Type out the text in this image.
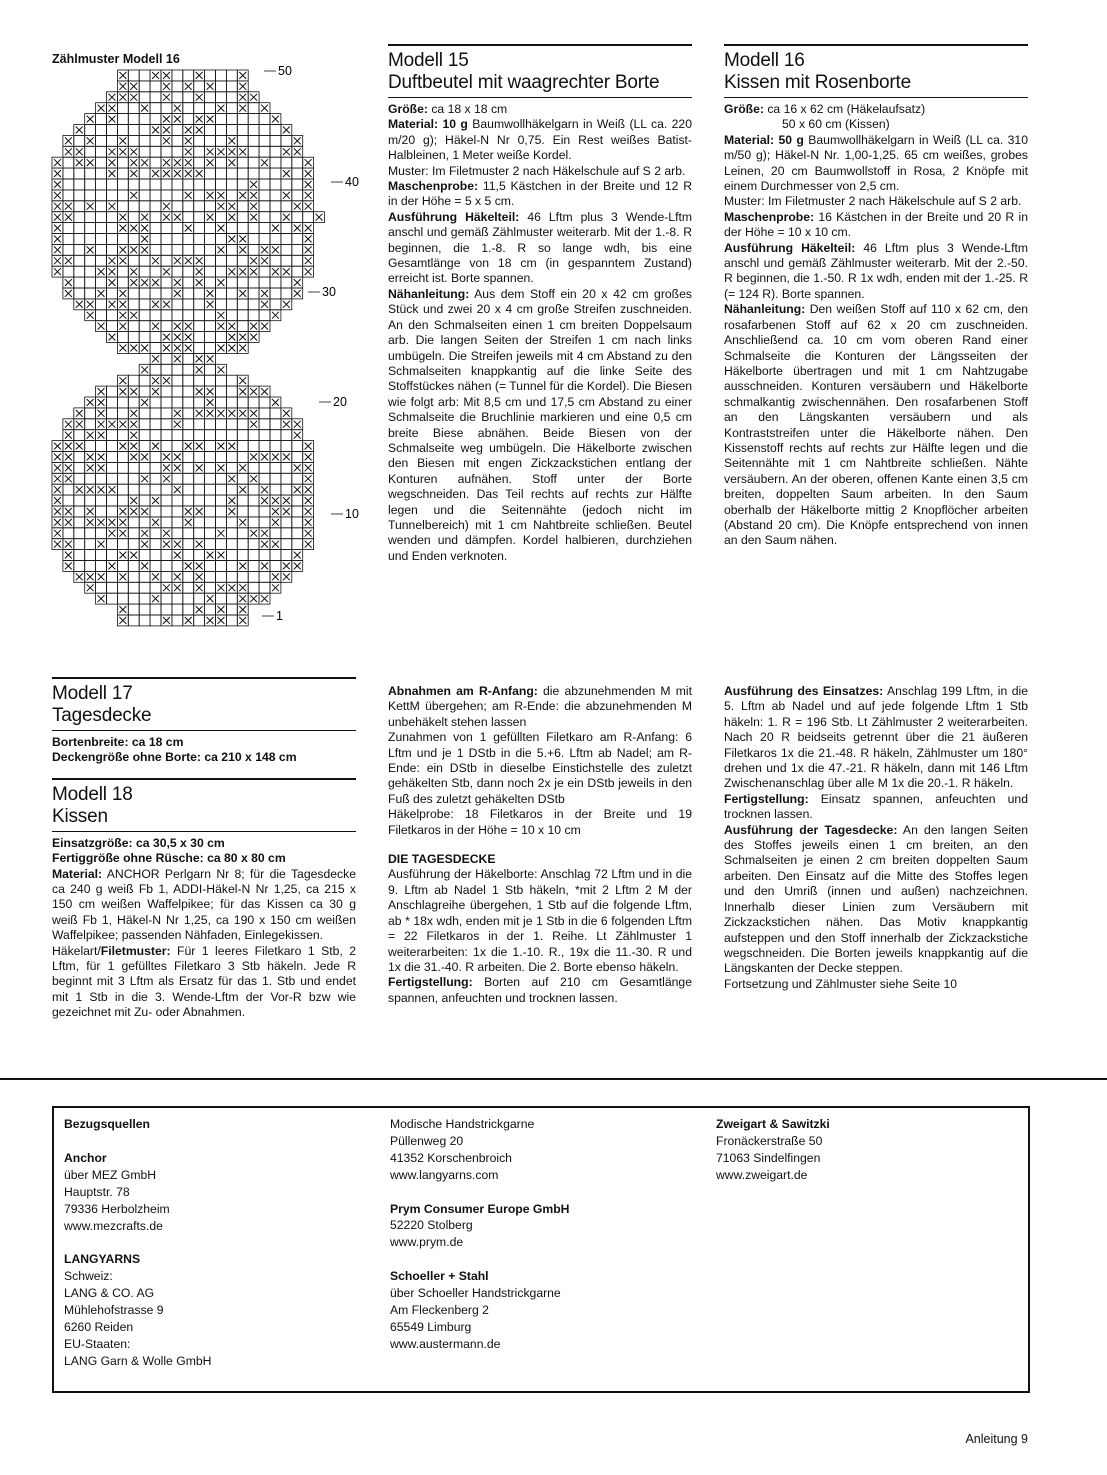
Zählmuster Modell 16
50
40
30
20
10
1
Modell 15
Duftbeutel mit waagrechter Borte

Größe: ca 18 x 18 cm

Material: 10 g Baumwollhäkelgarn in Weiß (LL ca. 220 m/20 g); Häkel-N Nr 0,75. Ein Rest weißes Batist-Halbleinen, 1 Meter weiße Kordel.

Muster: Im Filetmuster 2 nach Häkelschule auf S 2 arb.

Maschenprobe: 11,5 Kästchen in der Breite und 12 R in der Höhe = 5 x 5 cm.

Ausführung Häkelteil: 46 Lftm plus 3 Wende-Lftm anschl und gemäß Zählmuster weiterarb. Mit der 1.-8. R beginnen, die 1.-8. R so lange wdh, bis eine Gesamtlänge von 18 cm (in gespanntem Zustand) erreicht ist. Borte spannen.

Nähanleitung: Aus dem Stoff ein 20 x 42 cm großes Stück und zwei 20 x 4 cm große Streifen zuschneiden. An den Schmalseiten einen 1 cm breiten Doppelsaum arb. Die langen Seiten der Streifen 1 cm nach links umbügeln. Die Streifen jeweils mit 4 cm Abstand zu den Schmalseiten knappkantig auf die linke Seite des Stoffstückes nähen (= Tunnel für die Kordel). Die Biesen wie folgt arb: Mit 8,5 cm und 17,5 cm Abstand zu einer Schmalseite die Bruchlinie markieren und eine 0,5 cm breite Biese abnähen. Beide Biesen von der Schmalseite weg umbügeln. Die Häkelborte zwischen den Biesen mit engen Zickzackstichen entlang der Konturen aufnähen. Stoff unter der Borte wegschneiden. Das Teil rechts auf rechts zur Hälfte legen und die Seitennähte (jedoch nicht im Tunnelbereich) mit 1 cm Nahtbreite schließen. Beutel wenden und dämpfen. Kordel halbieren, durchziehen und Enden verknoten.

Modell 16
Kissen mit Rosenborte

Größe: ca 16 x 62 cm (Häkelaufsatz)

50 x 60 cm (Kissen)

Material: 50 g Baumwollhäkelgarn in Weiß (LL ca. 310 m/50 g); Häkel-N Nr. 1,00-1,25. 65 cm weißes, grobes Leinen, 20 cm Baumwollstoff in Rosa, 2 Knöpfe mit einem Durchmesser von 2,5 cm.

Muster: Im Filetmuster 2 nach Häkelschule auf S 2 arb.

Maschenprobe: 16 Kästchen in der Breite und 20 R in der Höhe = 10 x 10 cm.

Ausführung Häkelteil: 46 Lftm plus 3 Wende-Lftm anschl und gemäß Zählmuster weiterarb. Mit der 2.-50. R beginnen, die 1.-50. R 1x wdh, enden mit der 1.-25. R (= 124 R). Borte spannen.

Nähanleitung: Den weißen Stoff auf 110 x 62 cm, den rosafarbenen Stoff auf 62 x 20 cm zuschneiden. Anschließend ca. 10 cm vom oberen Rand einer Schmalseite die Konturen der Längsseiten der Häkelborte übertragen und mit 1 cm Nahtzugabe ausschneiden. Konturen versäubern und Häkelborte schmalkantig zwischennähen. Den rosafarbenen Stoff an den Längskanten versäubern und als Kontraststreifen unter die Häkelborte nähen. Den Kissenstoff rechts auf rechts zur Hälfte legen und die Seitennähte mit 1 cm Nahtbreite schließen. Nähte versäubern. An der oberen, offenen Kante einen 3,5 cm breiten, doppelten Saum arbeiten. In den Saum oberhalb der Häkelborte mittig 2 Knopflöcher arbeiten (Abstand 20 cm). Die Knöpfe entsprechend von innen an den Saum nähen.

Modell 17
Tagesdecke

Bortenbreite: ca 18 cm

Deckengröße ohne Borte: ca 210 x 148 cm

Modell 18
Kissen

Einsatzgröße: ca 30,5 x 30 cm

Fertiggröße ohne Rüsche: ca 80 x 80 cm

Material: ANCHOR Perlgarn Nr 8; für die Tagesdecke ca 240 g weiß Fb 1, ADDI-Häkel-N Nr 1,25, ca 215 x 150 cm weißen Waffelpikee; für das Kissen ca 30 g weiß Fb 1, Häkel-N Nr 1,25, ca 190 x 150 cm weißen Waffelpikee; passenden Nähfaden, Einlegekissen.

Häkelart/Filetmuster: Für 1 leeres Filetkaro 1 Stb, 2 Lftm, für 1 gefülltes Filetkaro 3 Stb häkeln. Jede R beginnt mit 3 Lftm als Ersatz für das 1. Stb und endet mit 1 Stb in die 3. Wende-Lftm der Vor-R bzw wie gezeichnet mit Zu- oder Abnahmen.

Abnahmen am R-Anfang: die abzunehmenden M mit KettM übergehen; am R-Ende: die abzunehmenden M unbehäkelt stehen lassen

Zunahmen von 1 gefüllten Filetkaro am R-Anfang: 6 Lftm und je 1 DStb in die 5.+6. Lftm ab Nadel; am R-Ende: ein DStb in dieselbe Einstichstelle des zuletzt gehäkelten Stb, dann noch 2x je ein DStb jeweils in den Fuß des zuletzt gehäkelten DStb

Häkelprobe: 18 Filetkaros in der Breite und 19 Filetkaros in der Höhe = 10 x 10 cm

DIE TAGESDECKE

Ausführung der Häkelborte: Anschlag 72 Lftm und in die 9. Lftm ab Nadel 1 Stb häkeln, *mit 2 Lftm 2 M der Anschlagreihe übergehen, 1 Stb auf die folgende Lftm, ab * 18x wdh, enden mit je 1 Stb in die 6 folgenden Lftm = 22 Filetkaros in der 1. Reihe. Lt Zählmuster 1 weiterarbeiten: 1x die 1.-10. R., 19x die 11.-30. R und 1x die 31.-40. R arbeiten. Die 2. Borte ebenso häkeln.

Fertigstellung: Borten auf 210 cm Gesamtlänge spannen, anfeuchten und trocknen lassen.

Ausführung des Einsatzes: Anschlag 199 Lftm, in die 5. Lftm ab Nadel und auf jede folgende Lftm 1 Stb häkeln: 1. R = 196 Stb. Lt Zählmuster 2 weiterarbeiten. Nach 20 R beidseits getrennt über die 21 äußeren Filetkaros 1x die 21.-48. R häkeln, Zählmuster um 180° drehen und 1x die 47.-21. R häkeln, dann mit 146 Lftm Zwischenanschlag über alle M 1x die 20.-1. R häkeln.

Fertigstellung: Einsatz spannen, anfeuchten und trocknen lassen.

Ausführung der Tagesdecke: An den langen Seiten des Stoffes jeweils einen 1 cm breiten, an den Schmalseiten je einen 2 cm breiten doppelten Saum arbeiten. Den Einsatz auf die Mitte des Stoffes legen und den Umriß (innen und außen) nachzeichnen. Innerhalb dieser Linien zum Versäubern mit Zickzackstichen nähen. Das Motiv knappkantig aufsteppen und den Stoff innerhalb der Zickzackstiche wegschneiden. Die Borten jeweils knappkantig auf die Längskanten der Decke steppen.

Fortsetzung und Zählmuster siehe Seite 10

Bezugsquellen

Anchor

über MEZ GmbH

Hauptstr. 78

79336 Herbolzheim

www.mezcrafts.de

LANGYARNS

Schweiz:

LANG & CO. AG

Mühlehofstrasse 9

6260 Reiden

EU-Staaten:

LANG Garn & Wolle GmbH

Modische Handstrickgarne

Püllenweg 20

41352 Korschenbroich

www.langyarns.com

Prym Consumer Europe GmbH

52220 Stolberg

www.prym.de

Schoeller + Stahl

über Schoeller Handstrickgarne

Am Fleckenberg 2

65549 Limburg

www.austermann.de

Zweigart & Sawitzki

Fronäckerstraße 50

71063 Sindelfingen

www.zweigart.de

Anleitung 9
